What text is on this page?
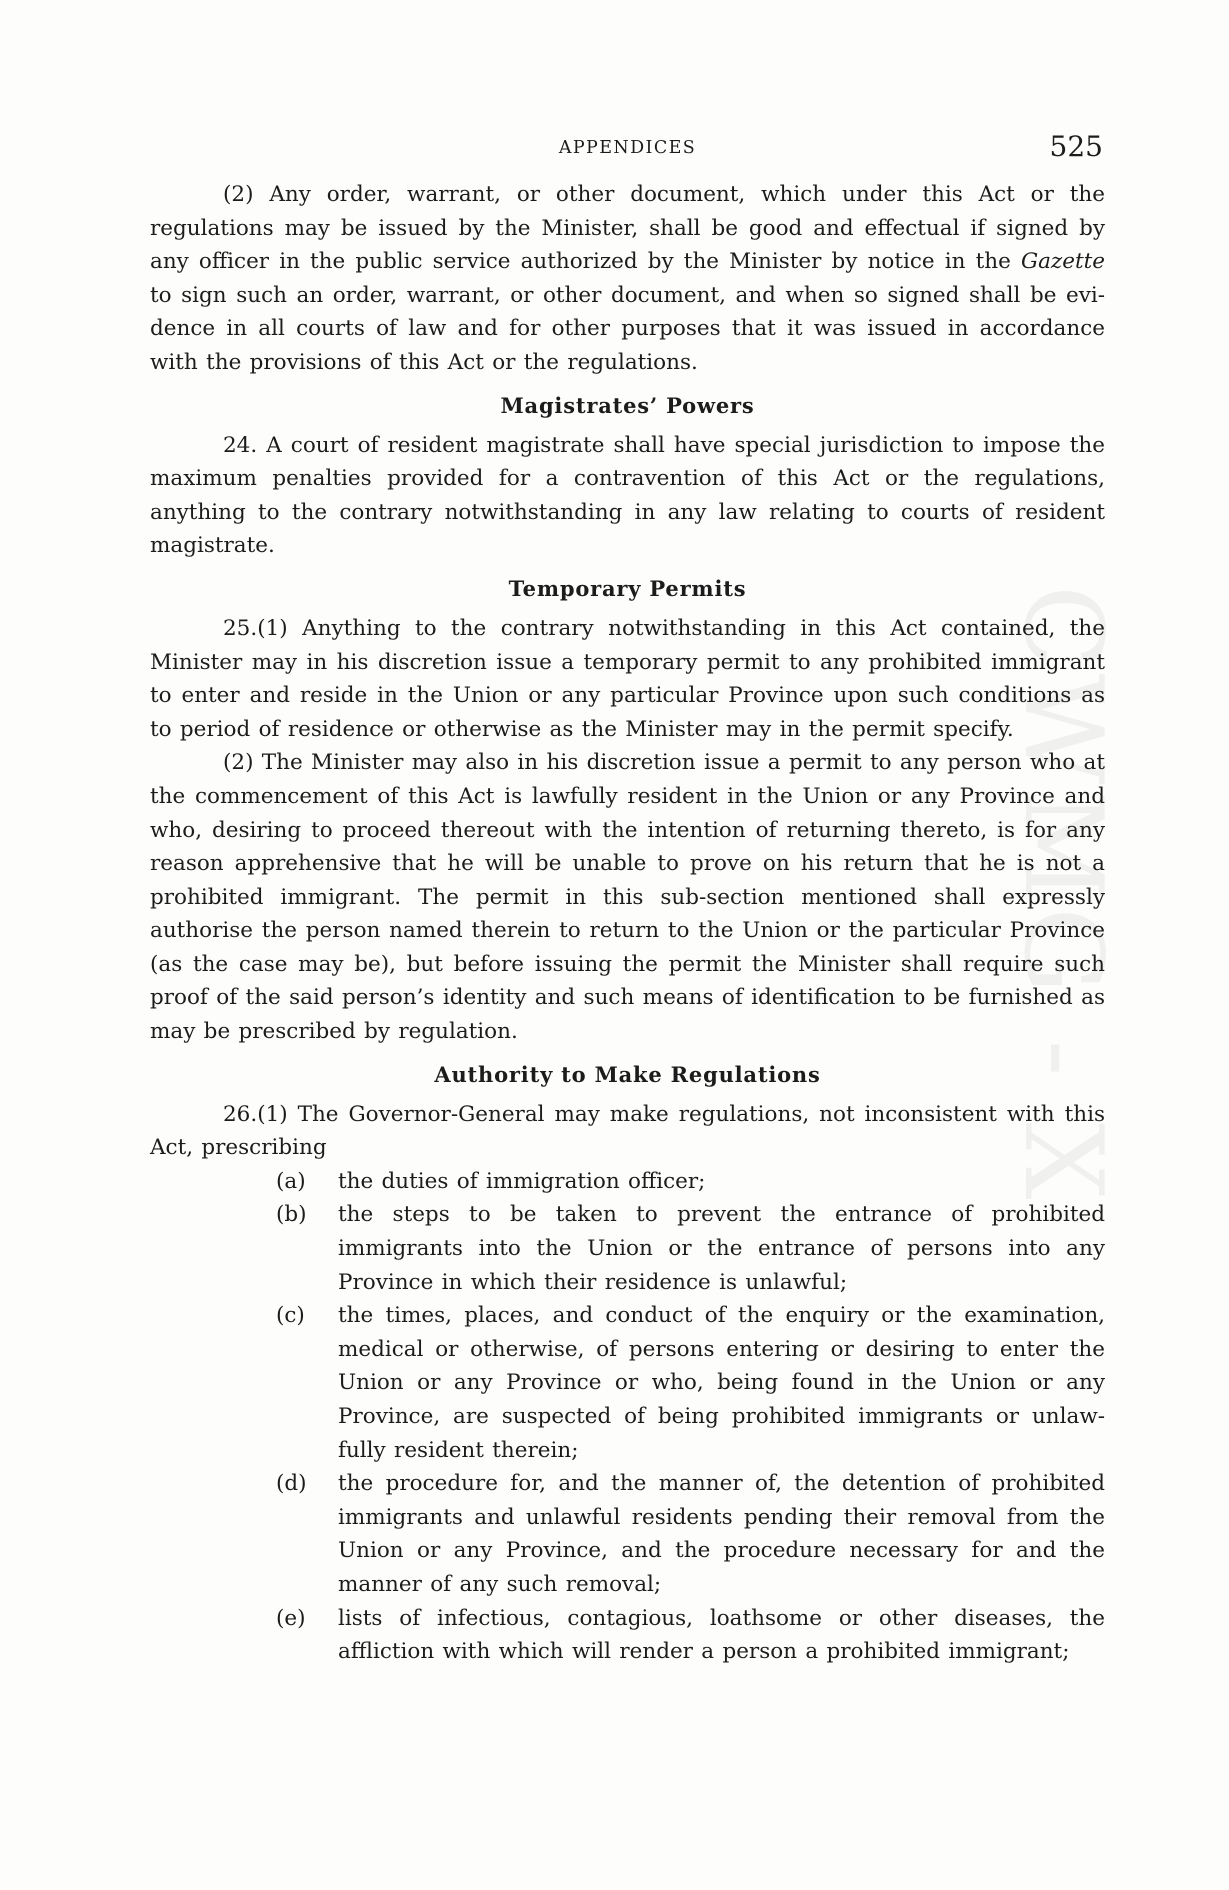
CWMG - X
APPENDICES	525

(2) Any order, warrant, or other document, which under this Act or the regulations may be issued by the Minister, shall be good and effectual if signed by any officer in the public service authorized by the Minister by notice in the Gazette to sign such an order, warrant, or other document, and when so signed shall be evidence in all courts of law and for other purposes that it was issued in accordance with the provisions of this Act or the regulations.

Magistrates’ Powers

24. A court of resident magistrate shall have special jurisdiction to impose the maximum penalties provided for a contravention of this Act or the regulations, anything to the contrary notwithstanding in any law relating to courts of resident magistrate.

Temporary Permits

25.(1) Anything to the contrary notwithstanding in this Act contained, the Minister may in his discretion issue a temporary permit to any prohibited immigrant to enter and reside in the Union or any particular Province upon such conditions as to period of residence or otherwise as the Minister may in the permit specify.

(2) The Minister may also in his discretion issue a permit to any person who at the commencement of this Act is lawfully resident in the Union or any Province and who, desiring to proceed thereout with the intention of returning thereto, is for any reason apprehensive that he will be unable to prove on his return that he is not a prohibited immigrant. The permit in this sub-section mentioned shall expressly authorise the person named therein to return to the Union or the particular Province (as the case may be), but before issuing the permit the Minister shall require such proof of the said person’s identity and such means of identification to be furnished as may be prescribed by regulation.

Authority to Make Regulations

26.(1) The Governor-General may make regulations, not inconsistent with this Act, prescribing

(a) the duties of immigration officer;
(b) the steps to be taken to prevent the entrance of prohibited immigrants into the Union or the entrance of persons into any Province in which their residence is unlawful;
(c) the times, places, and conduct of the enquiry or the examination, medical or otherwise, of persons entering or desiring to enter the Union or any Province or who, being found in the Union or any Province, are suspected of being prohibited immigrants or unlawfully resident therein;
(d) the procedure for, and the manner of, the detention of prohibited immigrants and unlawful residents pending their removal from the Union or any Province, and the procedure necessary for and the manner of any such removal;
(e) lists of infectious, contagious, loathsome or other diseases, the affliction with which will render a person a prohibited immigrant;
